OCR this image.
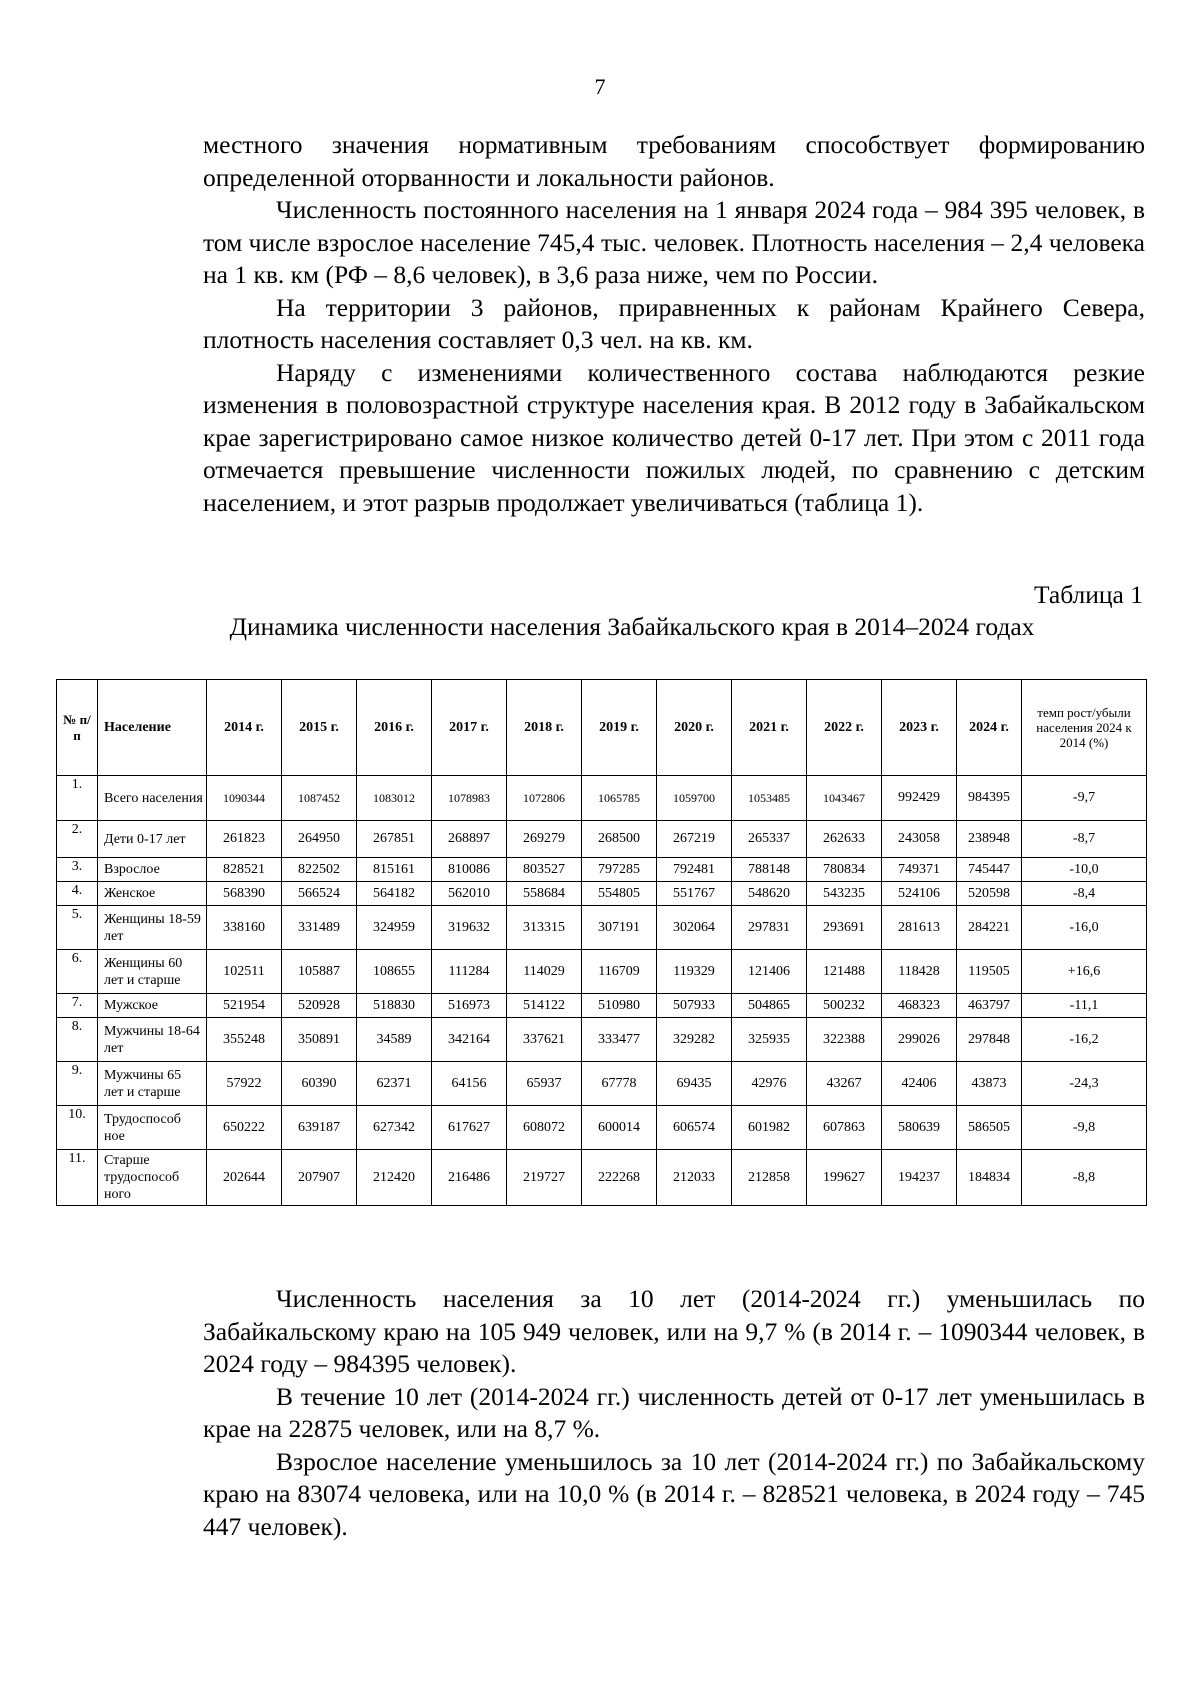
7

местного значения нормативным требованиям способствует формированию определенной оторванности и локальности районов.

Численность постоянного населения на 1 января 2024 года – 984 395 человек, в том числе взрослое население 745,4 тыс. человек. Плотность населения – 2,4 человека на 1 кв. км (РФ – 8,6 человек), в 3,6 раза ниже, чем по России.

На территории 3 районов, приравненных к районам Крайнего Севера, плотность населения составляет 0,3 чел. на кв. км.

Наряду с изменениями количественного состава наблюдаются резкие изменения в половозрастной структуре населения края. В 2012 году в Забайкальском крае зарегистрировано самое низкое количество детей 0-17 лет. При этом с 2011 года отмечается превышение численности пожилых людей, по сравнению с детским населением, и этот разрыв продолжает увеличиваться (таблица 1).

Таблица 1
Динамика численности населения Забайкальского края в 2014–2024 годах
№ п/ п	Население	2014 г.	2015 г.	2016 г.	2017 г.	2018 г.	2019 г.	2020 г.	2021 г.	2022 г.	2023 г.	2024 г.	темп рост/убыли населения 2024 к 2014 (%)
1.	Всего населения	1090344	1087452	1083012	1078983	1072806	1065785	1059700	1053485	1043467	992429	984395	-9,7
2.	Дети 0-17 лет	261823	264950	267851	268897	269279	268500	267219	265337	262633	243058	238948	-8,7
3.	Взрослое	828521	822502	815161	810086	803527	797285	792481	788148	780834	749371	745447	-10,0
4.	Женское	568390	566524	564182	562010	558684	554805	551767	548620	543235	524106	520598	-8,4
5.	Женщины 18-59 лет	338160	331489	324959	319632	313315	307191	302064	297831	293691	281613	284221	-16,0
6.	Женщины 60 лет и старше	102511	105887	108655	111284	114029	116709	119329	121406	121488	118428	119505	+16,6
7.	Мужское	521954	520928	518830	516973	514122	510980	507933	504865	500232	468323	463797	-11,1
8.	Мужчины 18-64 лет	355248	350891	34589	342164	337621	333477	329282	325935	322388	299026	297848	-16,2
9.	Мужчины 65 лет и старше	57922	60390	62371	64156	65937	67778	69435	42976	43267	42406	43873	-24,3
10.	Трудоспособ ное	650222	639187	627342	617627	608072	600014	606574	601982	607863	580639	586505	-9,8
11.	Старше трудоспособ ного	202644	207907	212420	216486	219727	222268	212033	212858	199627	194237	184834	-8,8

Численность населения за 10 лет (2014-2024 гг.) уменьшилась по Забайкальскому краю на 105 949 человек, или на 9,7 % (в 2014 г. – 1090344 человек, в 2024 году – 984395 человек).

В течение 10 лет (2014-2024 гг.) численность детей от 0-17 лет уменьшилась в крае на 22875 человек, или на 8,7 %.

Взрослое население уменьшилось за 10 лет (2014-2024 гг.) по Забайкальскому краю на 83074 человека, или на 10,0 % (в 2014 г. – 828521 человека, в 2024 году – 745 447 человек).
